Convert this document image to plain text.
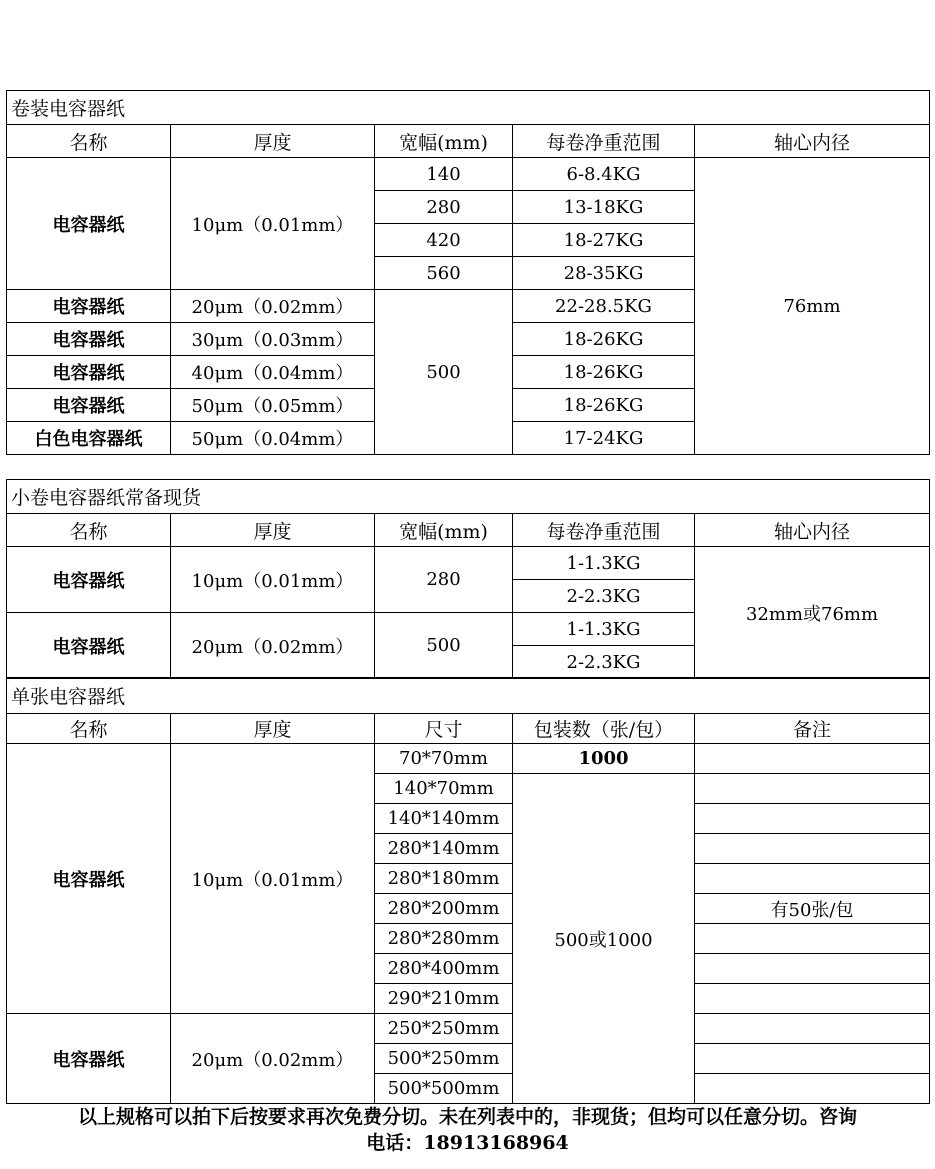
卷装电容器纸				
名称	厚度	宽幅(mm)	每卷净重范围	轴心内径
电容器纸	10μm（0.01mm）	140	6-8.4KG	76mm
		280	13-18KG	
		420	18-27KG	
		560	28-35KG	
电容器纸	20μm（0.02mm）	500	22-28.5KG	
电容器纸	30μm（0.03mm）		18-26KG	
电容器纸	40μm（0.04mm）		18-26KG	
电容器纸	50μm（0.05mm）		18-26KG	
白色电容器纸	50μm（0.04mm）		17-24KG	
小卷电容器纸常备现货				
名称	厚度	宽幅(mm)	每卷净重范围	轴心内径
电容器纸	10μm（0.01mm）	280	1-1.3KG	32mm或76mm
			2-2.3KG	
电容器纸	20μm（0.02mm）	500	1-1.3KG	
			2-2.3KG	
单张电容器纸				
名称	厚度	尺寸	包装数（张/包）	备注
电容器纸	10μm（0.01mm）	70*70mm	1000	
		140*70mm	500或1000	
		140*140mm		
		280*140mm		
		280*180mm		
		280*200mm		有50张/包
		280*280mm		
		280*400mm		
		290*210mm		
电容器纸	20μm（0.02mm）	250*250mm		
		500*250mm		
		500*500mm		
以上规格可以拍下后按要求再次免费分切。未在列表中的，非现货；但均可以任意分切。咨询
电话：18913168964
